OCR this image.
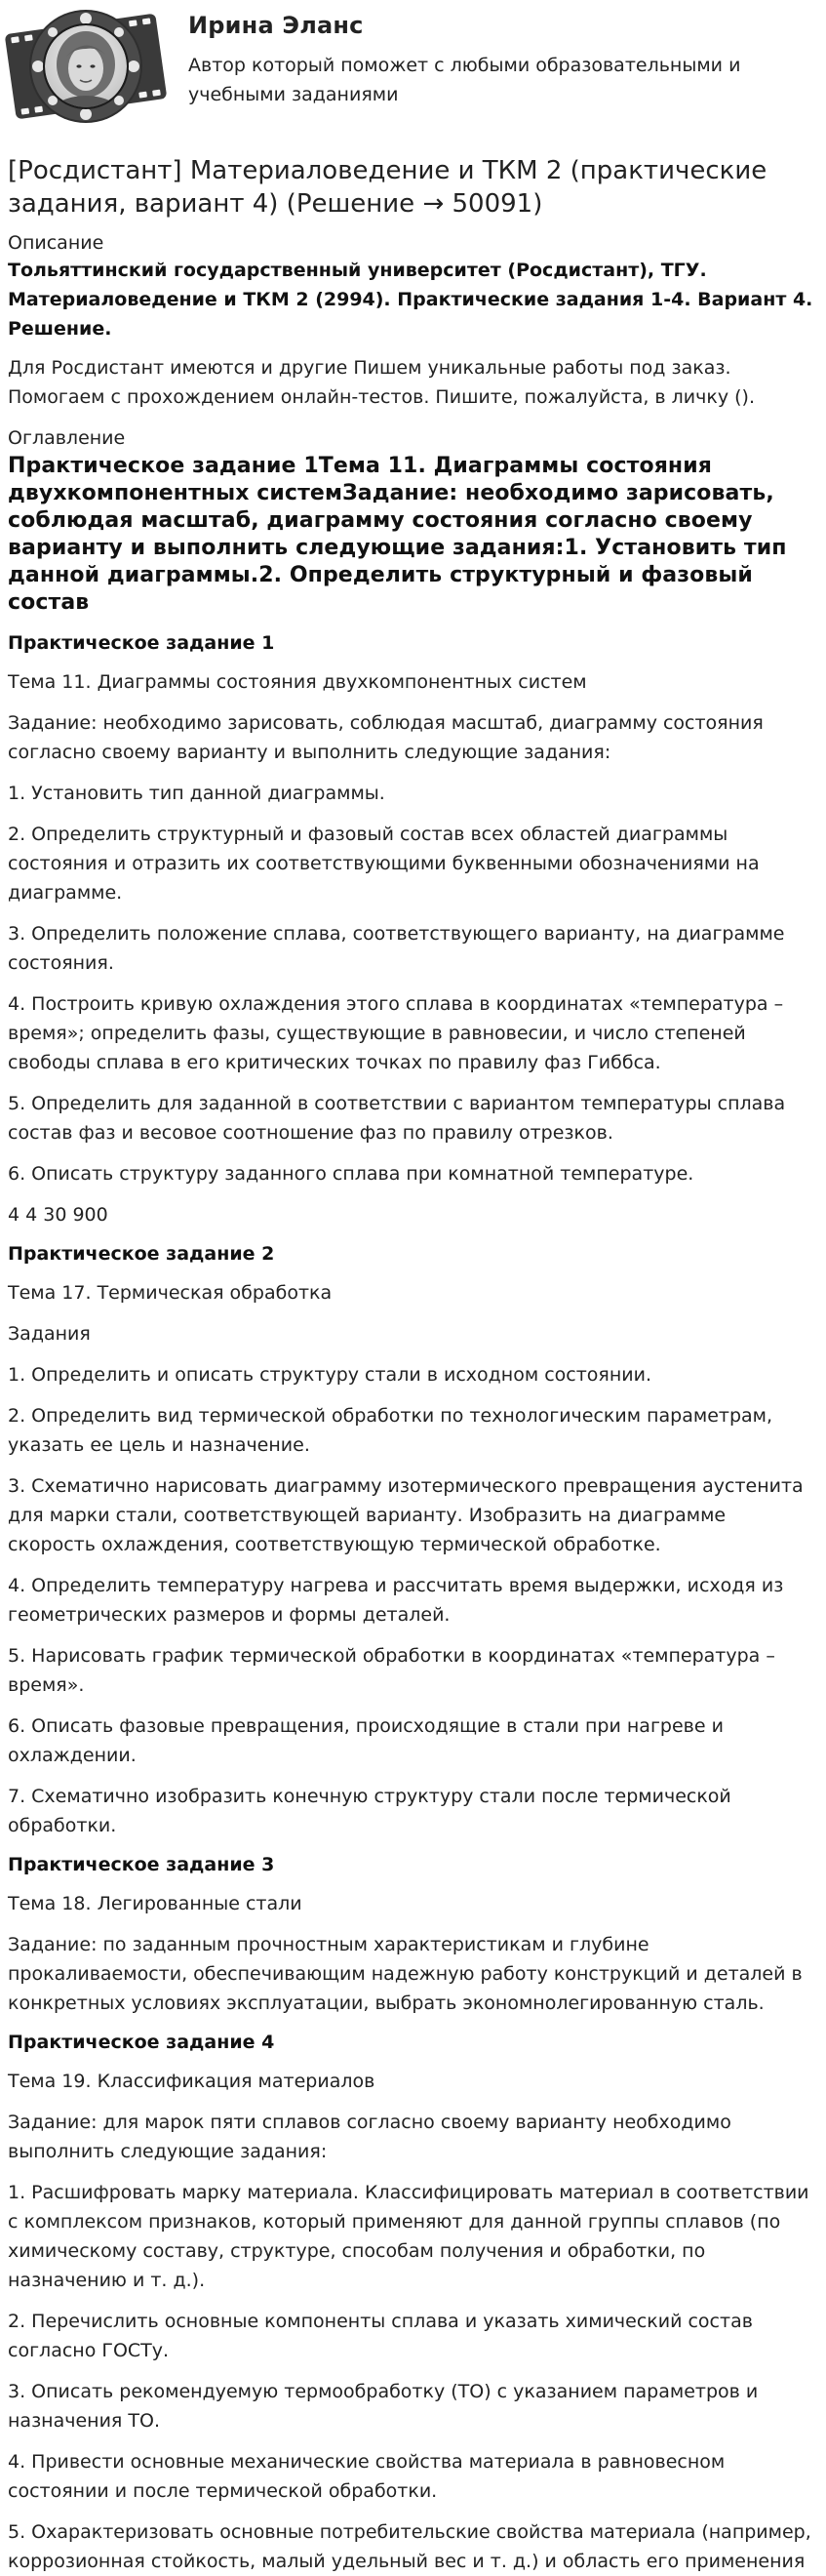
Ирина Эланс

Автор который поможет с любыми образовательными и учебными заданиями

[Росдистант] Материаловедение и ТКМ 2 (практические задания, вариант 4) (Решение → 50091)
Описание

Тольяттинский государственный университет (Росдистант), ТГУ. Материаловедение и ТКМ 2 (2994). Практические задания 1-4. Вариант 4. Решение.

Для Росдистант имеются и другие Пишем уникальные работы под заказ. Помогаем с прохождением онлайн-тестов. Пишите, пожалуйста, в личку ().

Оглавление
Практическое задание 1Тема 11. Диаграммы состояния двухкомпонентных системЗадание: необходимо зарисовать, соблюдая масштаб, диаграмму состояния согласно своему варианту и выполнить следующие задания:1. Установить тип данной диаграммы.2. Определить структурный и фазовый состав
Практическое задание 1

Тема 11. Диаграммы состояния двухкомпонентных систем

Задание: необходимо зарисовать, соблюдая масштаб, диаграмму состояния согласно своему варианту и выполнить следующие задания:

1. Установить тип данной диаграммы.

2. Определить структурный и фазовый состав всех областей диаграммы состояния и отразить их соответствующими буквенными обозначениями на диаграмме.

3. Определить положение сплава, соответствующего варианту, на диаграмме состояния.

4. Построить кривую охлаждения этого сплава в координатах «температура – время»; определить фазы, существующие в равновесии, и число степеней свободы сплава в его критических точках по правилу фаз Гиббса.

5. Определить для заданной в соответствии с вариантом температуры сплава состав фаз и весовое соотношение фаз по правилу отрезков.

6. Описать структуру заданного сплава при комнатной температуре.

4 4 30 900

Практическое задание 2

Тема 17. Термическая обработка

Задания

1. Определить и описать структуру стали в исходном состоянии.

2. Определить вид термической обработки по технологическим параметрам, указать ее цель и назначение.

3. Схематично нарисовать диаграмму изотермического превращения аустенита для марки стали, соответствующей варианту. Изобразить на диаграмме скорость охлаждения, соответствующую термической обработке.

4. Определить температуру нагрева и рассчитать время выдержки, исходя из геометрических размеров и формы деталей.

5. Нарисовать график термической обработки в координатах «температура – время».

6. Описать фазовые превращения, происходящие в стали при нагреве и охлаждении.

7. Схематично изобразить конечную структуру стали после термической обработки.

Практическое задание 3

Тема 18. Легированные стали

Задание: по заданным прочностным характеристикам и глубине прокаливаемости, обеспечивающим надежную работу конструкций и деталей в конкретных условиях эксплуатации, выбрать экономнолегированную сталь.

Практическое задание 4

Тема 19. Классификация материалов

Задание: для марок пяти сплавов согласно своему варианту необходимо выполнить следующие задания:

1. Расшифровать марку материала. Классифицировать материал в соответствии с комплексом признаков, который применяют для данной группы сплавов (по химическому составу, структуре, способам получения и обработки, по назначению и т. д.).

2. Перечислить основные компоненты сплава и указать химический состав согласно ГОСТу.

3. Описать рекомендуемую термообработку (ТО) с указанием параметров и назначения ТО.

4. Привести основные механические свойства материала в равновесном состоянии и после термической обработки.

5. Охарактеризовать основные потребительские свойства материала (например, коррозионная стойкость, малый удельный вес и т. д.) и область его применения
